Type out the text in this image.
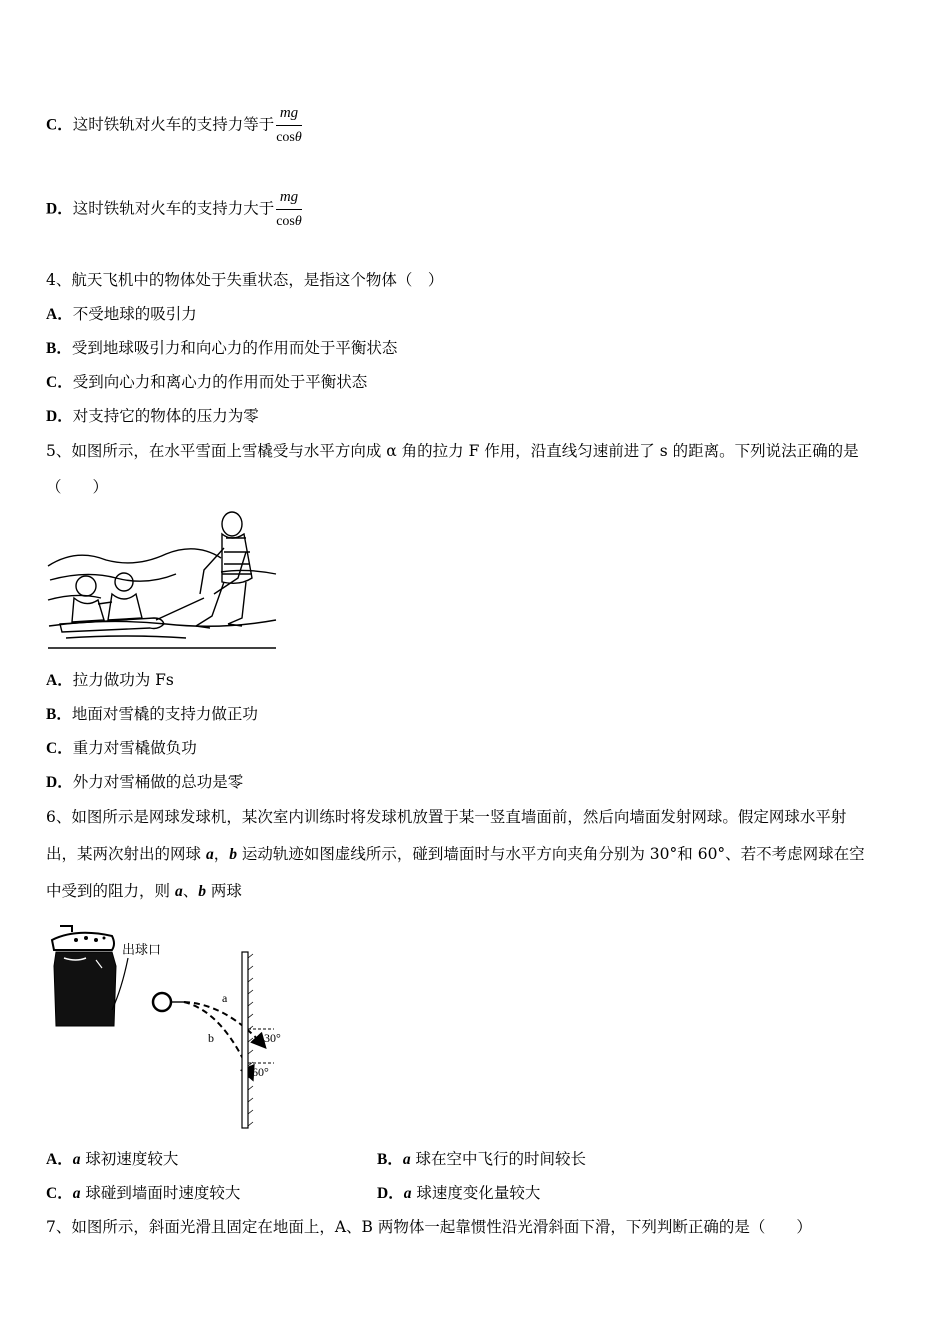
C．这时铁轨对火车的支持力等于 $\frac{mg}{\cos\theta}$
D．这时铁轨对火车的支持力大于 $\frac{mg}{\cos\theta}$
4、航天飞机中的物体处于失重状态，是指这个物体（　）
A．不受地球的吸引力
B．受到地球吸引力和向心力的作用而处于平衡状态
C．受到向心力和离心力的作用而处于平衡状态
D．对支持它的物体的压力为零
5、如图所示，在水平雪面上雪橇受与水平方向成 α 角的拉力 F 作用，沿直线匀速前进了 s 的距离。下列说法正确的是
（　　）
A．拉力做功为 Fs
B．地面对雪橇的支持力做正功
C．重力对雪橇做负功
D．外力对雪桶做的总功是零
6、如图所示是网球发球机，某次室内训练时将发球机放置于某一竖直墙面前，然后向墙面发射网球。假定网球水平射
出，某两次射出的网球 a，b 运动轨迹如图虚线所示，碰到墙面时与水平方向夹角分别为 30°和 60°、若不考虑网球在空
中受到的阻力，则 a、b 两球
出球口
a
b	30°
60°
A．a 球初速度较大	B．a 球在空中飞行的时间较长
C．a 球碰到墙面时速度较大	D．a 球速度变化量较大
7、如图所示，斜面光滑且固定在地面上，A、B 两物体一起靠惯性沿光滑斜面下滑，下列判断正确的是（　　）
